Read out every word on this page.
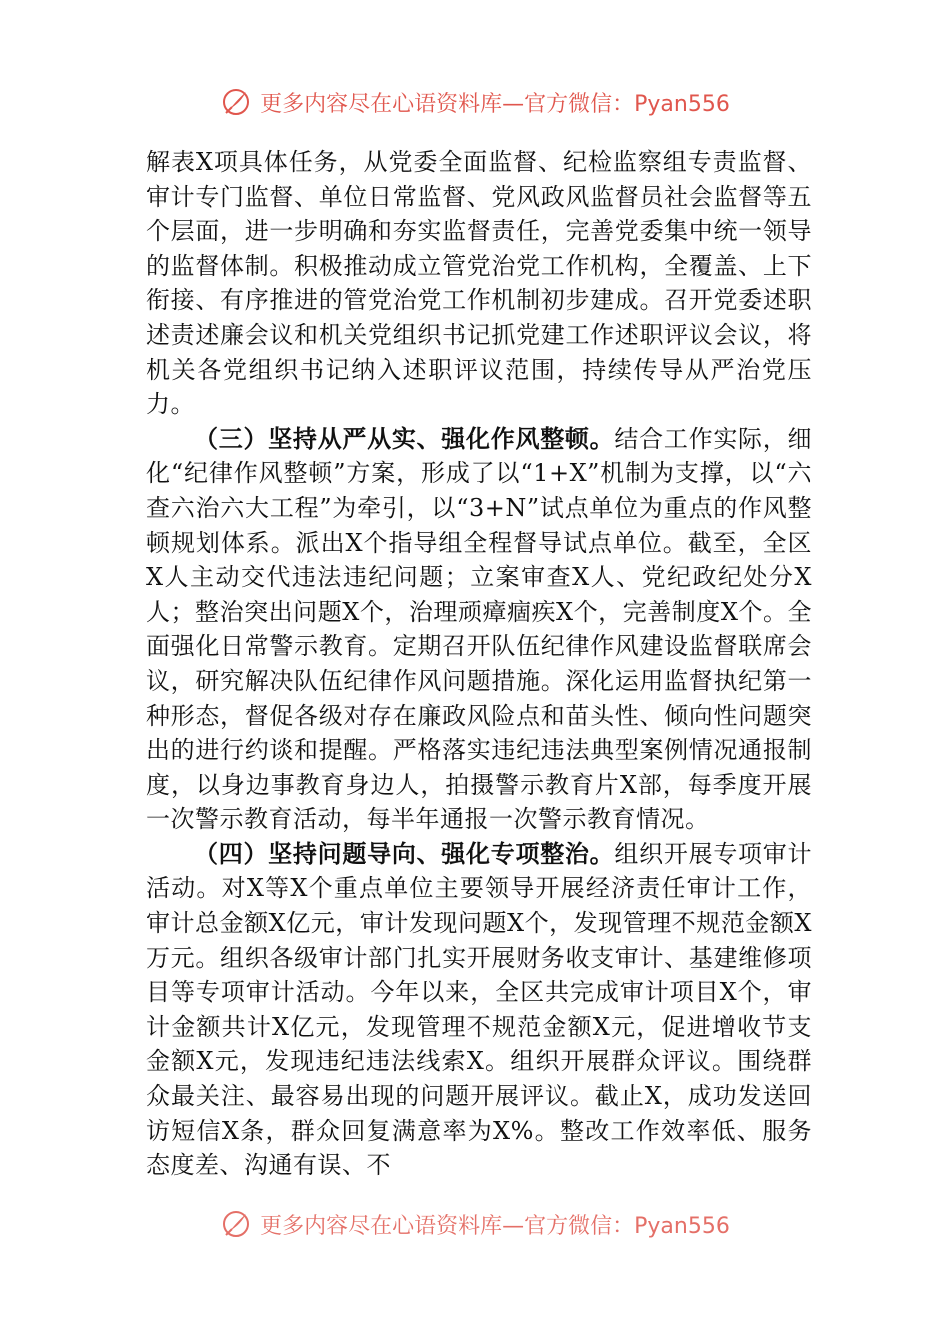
更多内容尽在心语资料库—官方微信：Pyan556

解表X项具体任务，从党委全面监督、纪检监察组专责监督、审计专门监督、单位日常监督、党风政风监督员社会监督等五个层面，进一步明确和夯实监督责任，完善党委集中统一领导的监督体制。积极推动成立管党治党工作机构，全覆盖、上下衔接、有序推进的管党治党工作机制初步建成。召开党委述职述责述廉会议和机关党组织书记抓党建工作述职评议会议，将机关各党组织书记纳入述职评议范围，持续传导从严治党压力。

（三）坚持从严从实、强化作风整顿。结合工作实际，细化“纪律作风整顿”方案，形成了以“1+X”机制为支撑，以“六查六治六大工程”为牵引，以“3+N”试点单位为重点的作风整顿规划体系。派出X个指导组全程督导试点单位。截至，全区X人主动交代违法违纪问题；立案审查X人、党纪政纪处分X人；整治突出问题X个，治理顽瘴痼疾X个，完善制度X个。全面强化日常警示教育。定期召开队伍纪律作风建设监督联席会议，研究解决队伍纪律作风问题措施。深化运用监督执纪第一种形态，督促各级对存在廉政风险点和苗头性、倾向性问题突出的进行约谈和提醒。严格落实违纪违法典型案例情况通报制度，以身边事教育身边人，拍摄警示教育片X部，每季度开展一次警示教育活动，每半年通报一次警示教育情况。

（四）坚持问题导向、强化专项整治。组织开展专项审计活动。对X等X个重点单位主要领导开展经济责任审计工作，审计总金额X亿元，审计发现问题X个，发现管理不规范金额X万元。组织各级审计部门扎实开展财务收支审计、基建维修项目等专项审计活动。今年以来，全区共完成审计项目X个，审计金额共计X亿元，发现管理不规范金额X元，促进增收节支金额X元，发现违纪违法线索X。组织开展群众评议。围绕群众最关注、最容易出现的问题开展评议。截止X，成功发送回访短信X条，群众回复满意率为X%。整改工作效率低、服务态度差、沟通有误、不

更多内容尽在心语资料库—官方微信：Pyan556
